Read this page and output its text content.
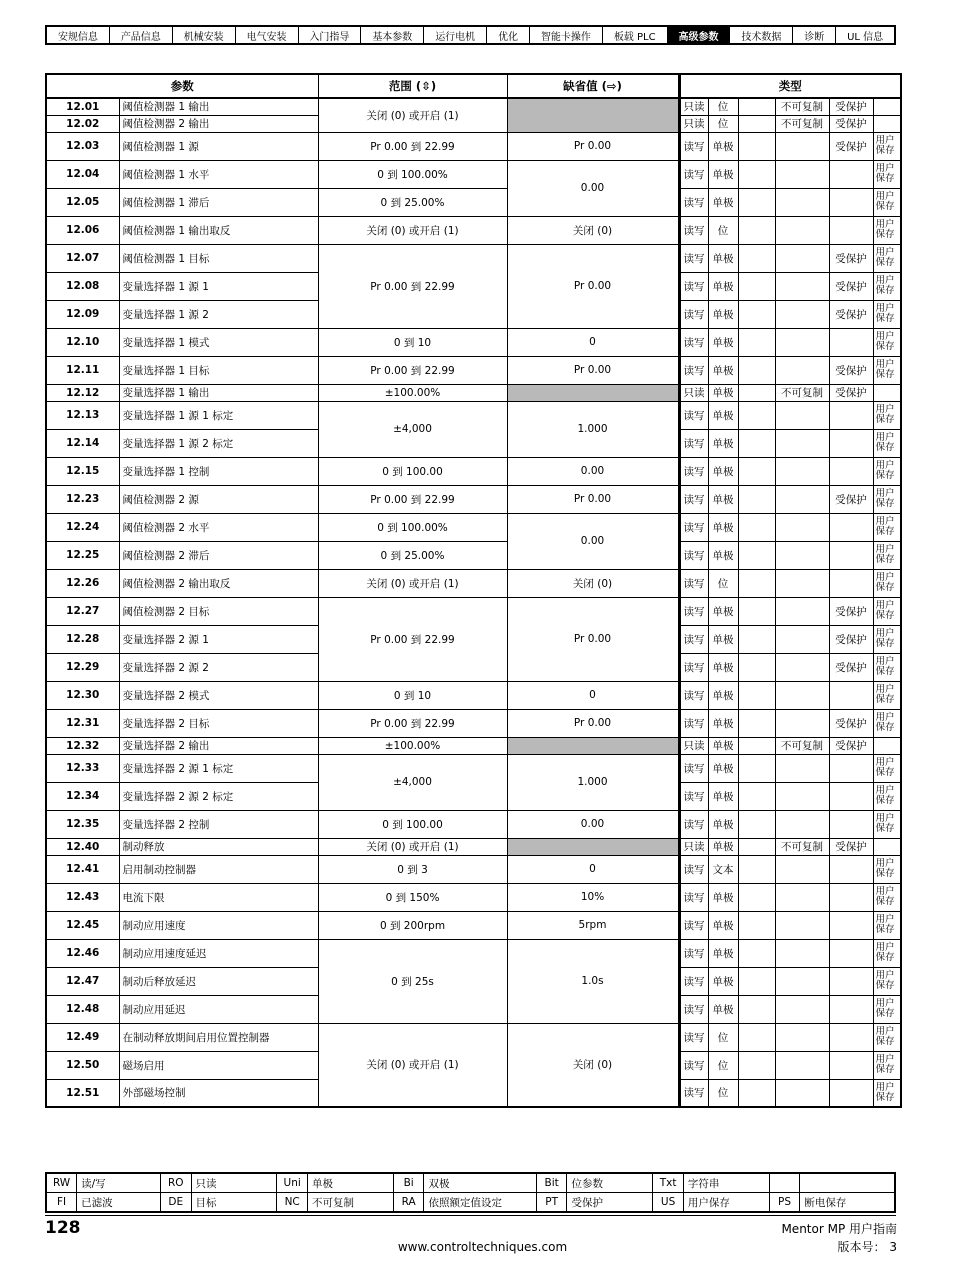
安规信息	产品信息	机械安装	电气安装	入门指导	基本参数	运行电机	优化	智能卡操作	板载 PLC	高级参数	技术数据	诊断	UL 信息
参数		范围 (⇳)	缺省值 (⇨)	类型					
12.01	阈值检测器 1 输出	关闭 (0) 或开启 (1)		只读	位		不可复制	受保护	
12.02	阈值检测器 2 输出			只读	位		不可复制	受保护	
12.03	阈值检测器 1 源	Pr 0.00 到 22.99	Pr 0.00	读写	单极			受保护	用户保存
12.04	阈值检测器 1 水平	0 到 100.00%	0.00	读写	单极				用户保存
12.05	阈值检测器 1 滞后	0 到 25.00%		读写	单极				用户保存
12.06	阈值检测器 1 输出取反	关闭 (0) 或开启 (1)	关闭 (0)	读写	位				用户保存
12.07	阈值检测器 1 目标	Pr 0.00 到 22.99	Pr 0.00	读写	单极			受保护	用户保存
12.08	变量选择器 1 源 1			读写	单极			受保护	用户保存
12.09	变量选择器 1 源 2			读写	单极			受保护	用户保存
12.10	变量选择器 1 模式	0 到 10	0	读写	单极				用户保存
12.11	变量选择器 1 目标	Pr 0.00 到 22.99	Pr 0.00	读写	单极			受保护	用户保存
12.12	变量选择器 1 输出	±100.00%		只读	单极		不可复制	受保护	
12.13	变量选择器 1 源 1 标定	±4,000	1.000	读写	单极				用户保存
12.14	变量选择器 1 源 2 标定			读写	单极				用户保存
12.15	变量选择器 1 控制	0 到 100.00	0.00	读写	单极				用户保存
12.23	阈值检测器 2 源	Pr 0.00 到 22.99	Pr 0.00	读写	单极			受保护	用户保存
12.24	阈值检测器 2 水平	0 到 100.00%	0.00	读写	单极				用户保存
12.25	阈值检测器 2 滞后	0 到 25.00%		读写	单极				用户保存
12.26	阈值检测器 2 输出取反	关闭 (0) 或开启 (1)	关闭 (0)	读写	位				用户保存
12.27	阈值检测器 2 目标	Pr 0.00 到 22.99	Pr 0.00	读写	单极			受保护	用户保存
12.28	变量选择器 2 源 1			读写	单极			受保护	用户保存
12.29	变量选择器 2 源 2			读写	单极			受保护	用户保存
12.30	变量选择器 2 模式	0 到 10	0	读写	单极				用户保存
12.31	变量选择器 2 目标	Pr 0.00 到 22.99	Pr 0.00	读写	单极			受保护	用户保存
12.32	变量选择器 2 输出	±100.00%		只读	单极		不可复制	受保护	
12.33	变量选择器 2 源 1 标定	±4,000	1.000	读写	单极				用户保存
12.34	变量选择器 2 源 2 标定			读写	单极				用户保存
12.35	变量选择器 2 控制	0 到 100.00	0.00	读写	单极				用户保存
12.40	制动释放	关闭 (0) 或开启 (1)		只读	单极		不可复制	受保护	
12.41	启用制动控制器	0 到 3	0	读写	文本				用户保存
12.43	电流下限	0 到 150%	10%	读写	单极				用户保存
12.45	制动应用速度	0 到 200rpm	5rpm	读写	单极				用户保存
12.46	制动应用速度延迟	0 到 25s	1.0s	读写	单极				用户保存
12.47	制动后释放延迟			读写	单极				用户保存
12.48	制动应用延迟			读写	单极				用户保存
12.49	在制动释放期间启用位置控制器	关闭 (0) 或开启 (1)	关闭 (0)	读写	位				用户保存
12.50	磁场启用			读写	位				用户保存
12.51	外部磁场控制			读写	位				用户保存
RW	读/写	RO	只读	Uni	单极	Bi	双极	Bit	位参数	Txt	字符串		
FI	已滤波	DE	目标	NC	不可复制	RA	依照额定值设定	PT	受保护	US	用户保存	PS	断电保存
128	Mentor MP 用户指南
版本号： 3
www.controltechniques.com
